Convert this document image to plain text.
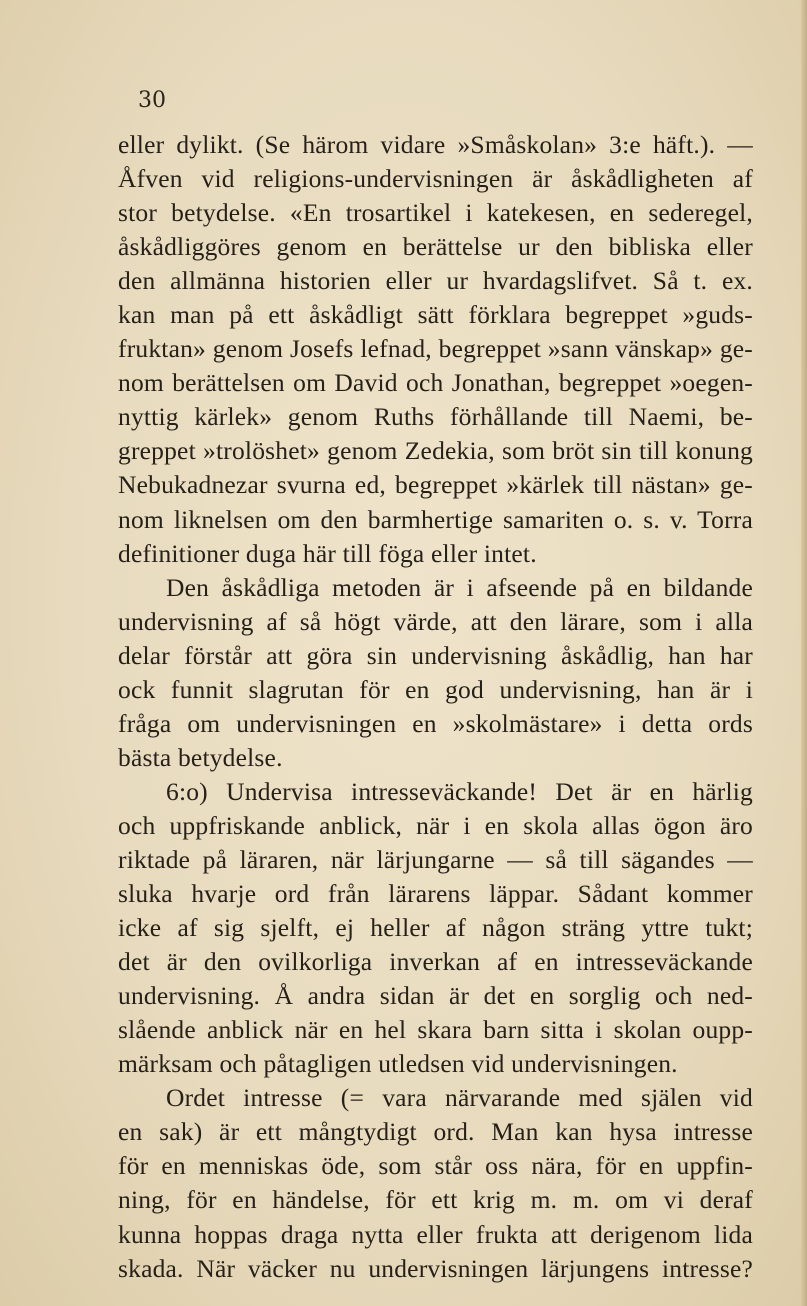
30

eller dylikt. (Se härom vidare »Småskolan» 3:e häft.). —
Åfven vid religions-undervisningen är åskådligheten af
stor betydelse. «En trosartikel i katekesen, en sederegel,
åskådliggöres genom en berättelse ur den bibliska eller
den allmänna historien eller ur hvardagslifvet. Så t. ex.
kan man på ett åskådligt sätt förklara begreppet »guds-
fruktan» genom Josefs lefnad, begreppet »sann vänskap» ge-
nom berättelsen om David och Jonathan, begreppet »oegen-
nyttig kärlek» genom Ruths förhållande till Naemi, be-
greppet »trolöshet» genom Zedekia, som bröt sin till konung
Nebukadnezar svurna ed, begreppet »kärlek till nästan» ge-
nom liknelsen om den barmhertige samariten o. s. v. Torra
definitioner duga här till föga eller intet.
Den åskådliga metoden är i afseende på en bildande
undervisning af så högt värde, att den lärare, som i alla
delar förstår att göra sin undervisning åskådlig, han har
ock funnit slagrutan för en god undervisning, han är i
fråga om undervisningen en »skolmästare» i detta ords
bästa betydelse.
6:o) Undervisa intresseväckande! Det är en härlig
och uppfriskande anblick, när i en skola allas ögon äro
riktade på läraren, när lärjungarne — så till sägandes —
sluka hvarje ord från lärarens läppar. Sådant kommer
icke af sig sjelft, ej heller af någon sträng yttre tukt;
det är den ovilkorliga inverkan af en intresseväckande
undervisning. Å andra sidan är det en sorglig och ned-
slående anblick när en hel skara barn sitta i skolan oupp-
märksam och påtagligen utledsen vid undervisningen.
Ordet intresse (= vara närvarande med själen vid
en sak) är ett mångtydigt ord. Man kan hysa intresse
för en menniskas öde, som står oss nära, för en uppfin-
ning, för en händelse, för ett krig m. m. om vi deraf
kunna hoppas draga nytta eller frukta att derigenom lida
skada. När väcker nu undervisningen lärjungens intresse?
